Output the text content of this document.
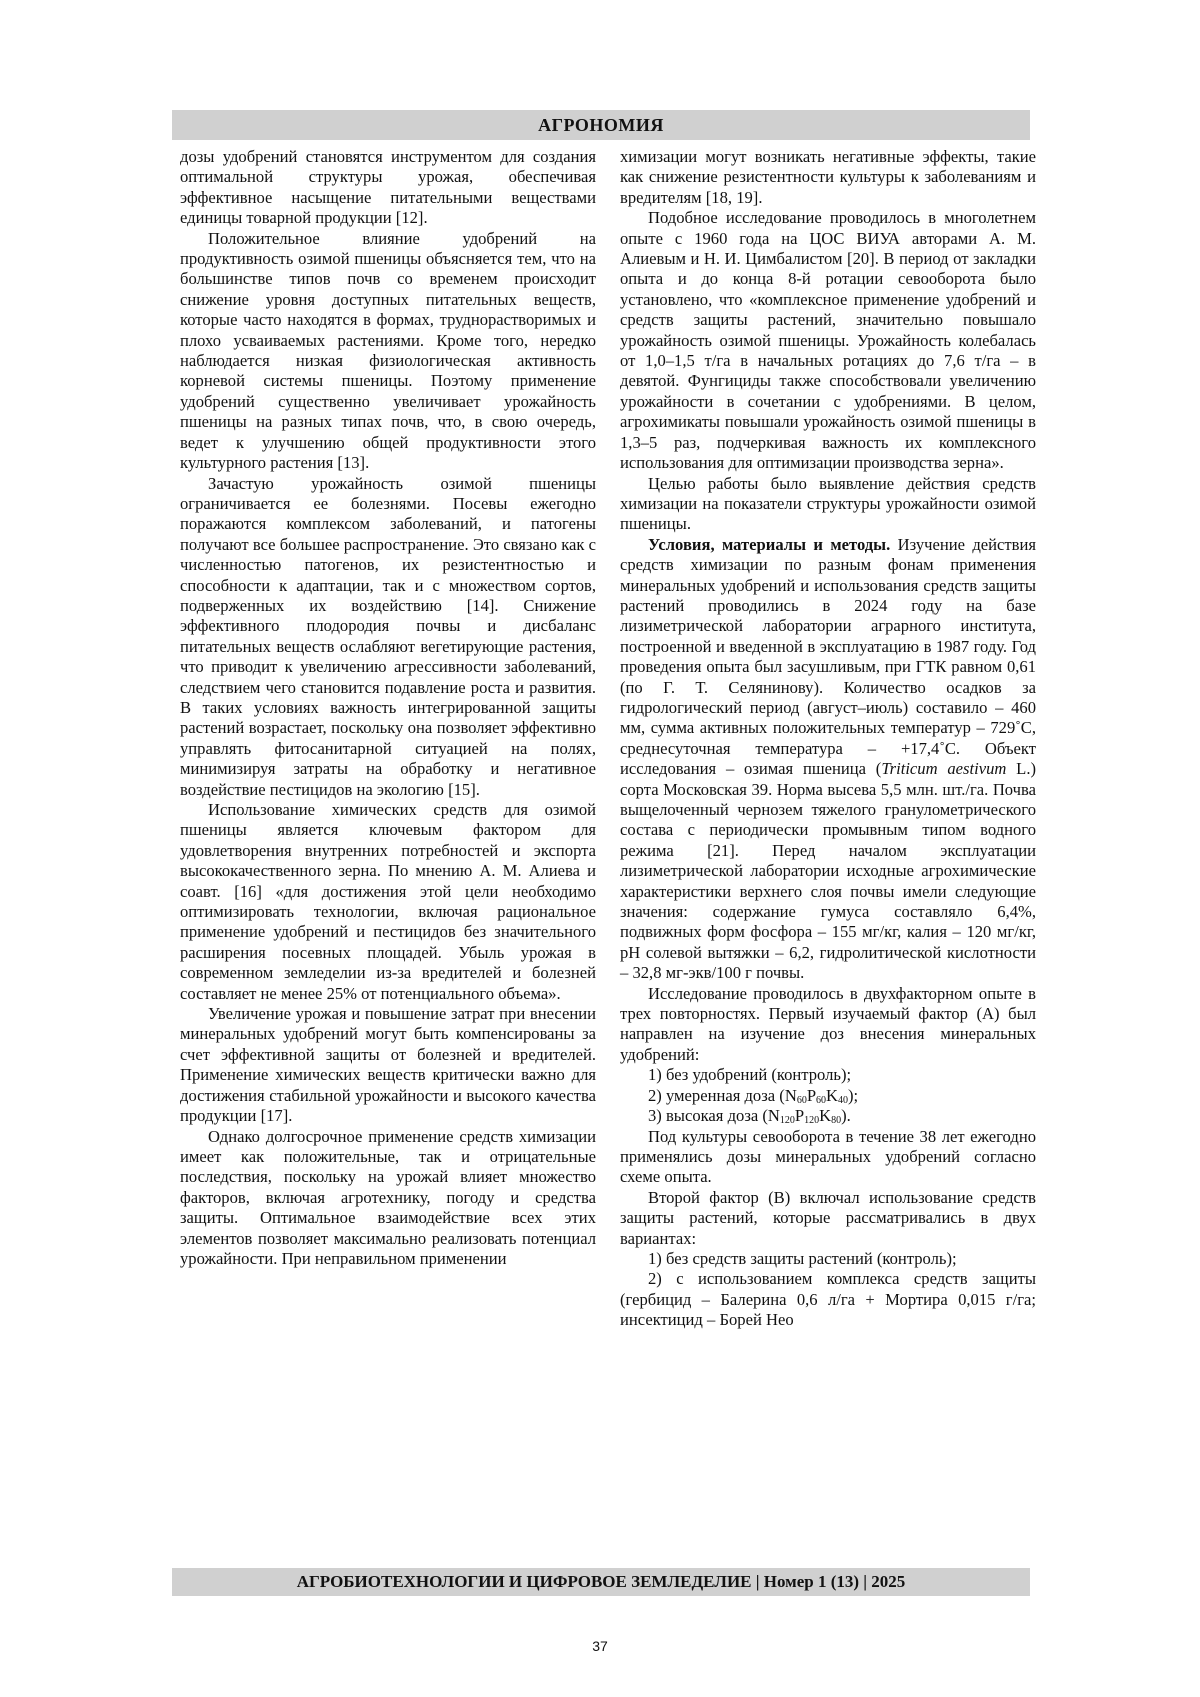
АГРОНОМИЯ

дозы удобрений становятся инструментом для создания оптимальной структуры урожая, обеспечивая эффективное насыщение питательными веществами единицы товарной продукции [12].

Положительное влияние удобрений на продуктивность озимой пшеницы объясняется тем, что на большинстве типов почв со временем происходит снижение уровня доступных питательных веществ, которые часто находятся в формах, труднорастворимых и плохо усваиваемых растениями. Кроме того, нередко наблюдается низкая физиологическая активность корневой системы пшеницы. Поэтому применение удобрений существенно увеличивает урожайность пшеницы на разных типах почв, что, в свою очередь, ведет к улучшению общей продуктивности этого культурного растения [13].

Зачастую урожайность озимой пшеницы ограничивается ее болезнями. Посевы ежегодно поражаются комплексом заболеваний, и патогены получают все большее распространение. Это связано как с численностью патогенов, их резистентностью и способности к адаптации, так и с множеством сортов, подверженных их воздействию [14]. Снижение эффективного плодородия почвы и дисбаланс питательных веществ ослабляют вегетирующие растения, что приводит к увеличению агрессивности заболеваний, следствием чего становится подавление роста и развития. В таких условиях важность интегрированной защиты растений возрастает, поскольку она позволяет эффективно управлять фитосанитарной ситуацией на полях, минимизируя затраты на обработку и негативное воздействие пестицидов на экологию [15].

Использование химических средств для озимой пшеницы является ключевым фактором для удовлетворения внутренних потребностей и экспорта высококачественного зерна. По мнению А. М. Алиева и соавт. [16] «для достижения этой цели необходимо оптимизировать технологии, включая рациональное применение удобрений и пестицидов без значительного расширения посевных площадей. Убыль урожая в современном земледелии из-за вредителей и болезней составляет не менее 25% от потенциального объема».

Увеличение урожая и повышение затрат при внесении минеральных удобрений могут быть компенсированы за счет эффективной защиты от болезней и вредителей. Применение химических веществ критически важно для достижения стабильной урожайности и высокого качества продукции [17].

Однако долгосрочное применение средств химизации имеет как положительные, так и отрицательные последствия, поскольку на урожай влияет множество факторов, включая агротехнику, погоду и средства защиты. Оптимальное взаимодействие всех этих элементов позволяет максимально реализовать потенциал урожайности. При неправильном применении

химизации могут возникать негативные эффекты, такие как снижение резистентности культуры к заболеваниям и вредителям [18, 19].

Подобное исследование проводилось в многолетнем опыте с 1960 года на ЦОС ВИУА авторами А. М. Алиевым и Н. И. Цимбалистом [20]. В период от закладки опыта и до конца 8-й ротации севооборота было установлено, что «комплексное применение удобрений и средств защиты растений, значительно повышало урожайность озимой пшеницы. Урожайность колебалась от 1,0–1,5 т/га в начальных ротациях до 7,6 т/га – в девятой. Фунгициды также способствовали увеличению урожайности в сочетании с удобрениями. В целом, агрохимикаты повышали урожайность озимой пшеницы в 1,3–5 раз, подчеркивая важность их комплексного использования для оптимизации производства зерна».

Целью работы было выявление действия средств химизации на показатели структуры урожайности озимой пшеницы.

Условия, материалы и методы. Изучение действия средств химизации по разным фонам применения минеральных удобрений и использования средств защиты растений проводились в 2024 году на базе лизиметрической лаборатории аграрного института, построенной и введенной в эксплуатацию в 1987 году. Год проведения опыта был засушливым, при ГТК равном 0,61 (по Г. Т. Селянинову). Количество осадков за гидрологический период (август–июль) составило – 460 мм, сумма активных положительных температур – 729˚С, среднесуточная температура – +17,4˚С. Объект исследования – озимая пшеница (Triticum aestivum L.) сорта Московская 39. Норма высева 5,5 млн. шт./га. Почва выщелоченный чернозем тяжелого гранулометрического состава с периодически промывным типом водного режима [21]. Перед началом эксплуатации лизиметрической лаборатории исходные агрохимические характеристики верхнего слоя почвы имели следующие значения: содержание гумуса составляло 6,4%, подвижных форм фосфора – 155 мг/кг, калия – 120 мг/кг, рН солевой вытяжки – 6,2, гидролитической кислотности – 32,8 мг-экв/100 г почвы.

Исследование проводилось в двухфакторном опыте в трех повторностях. Первый изучаемый фактор (А) был направлен на изучение доз внесения минеральных удобрений:

1) без удобрений (контроль);

2) умеренная доза $(N_{60}P_{60}K_{40})$;

3) высокая доза $(N_{120}P_{120}K_{80})$.

Под культуры севооборота в течение 38 лет ежегодно применялись дозы минеральных удобрений согласно схеме опыта.

Второй фактор (В) включал использование средств защиты растений, которые рассматривались в двух вариантах:

1) без средств защиты растений (контроль);

2) с использованием комплекса средств защиты (гербицид – Балерина 0,6 л/га + Мортира 0,015 г/га; инсектицид – Борей Нео

АГРОБИОТЕХНОЛОГИИ И ЦИФРОВОЕ ЗЕМЛЕДЕЛИЕ | Номер 1 (13) | 2025
37
